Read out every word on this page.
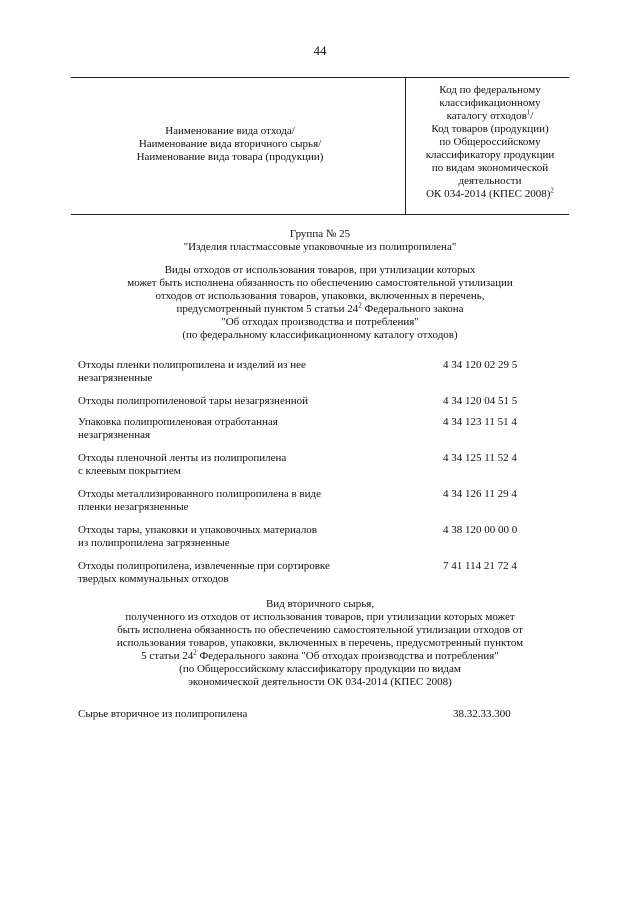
44
Наименование вида отхода/
Наименование вида вторичного сырья/
Наименование вида товара (продукции)
Код по федеральному
классификационному
каталогу отходов$^1$/
Код товаров (продукции)
по Общероссийскому
классификатору продукции
по видам экономической
деятельности
ОК 034-2014 (КПЕС 2008)$^2$
Группа № 25
"Изделия пластмассовые упаковочные из полипропилена"
Виды отходов от использования товаров, при утилизации которых
может быть исполнена обязанность по обеспечению самостоятельной утилизации
отходов от использования товаров, упаковки, включенных в перечень,
предусмотренный пунктом 5 статьи $24^2$ Федерального закона
"Об отходах производства и потребления"
(по федеральному классификационному каталогу отходов)
Отходы пленки полипропилена и изделий из нее
незагрязненные
4 34 120 02 29 5
Отходы полипропиленовой тары незагрязненной	4 34 120 04 51 5
Упаковка полипропиленовая отработанная
незагрязненная
4 34 123 11 51 4
Отходы пленочной ленты из полипропилена
с клеевым покрытием
4 34 125 11 52 4
Отходы металлизированного полипропилена в виде
пленки незагрязненные
4 34 126 11 29 4
Отходы тары, упаковки и упаковочных материалов
из полипропилена загрязненные
4 38 120 00 00 0
Отходы полипропилена, извлеченные при сортировке
твердых коммунальных отходов
7 41 114 21 72 4
Вид вторичного сырья,
полученного из отходов от использования товаров, при утилизации которых может
быть исполнена обязанность по обеспечению самостоятельной утилизации отходов от
использования товаров, упаковки, включенных в перечень, предусмотренный пунктом
5 статьи $24^2$ Федерального закона "Об отходах производства и потребления"
(по Общероссийскому классификатору продукции по видам
экономической деятельности ОК 034-2014 (КПЕС 2008)
Сырье вторичное из полипропилена	38.32.33.300
